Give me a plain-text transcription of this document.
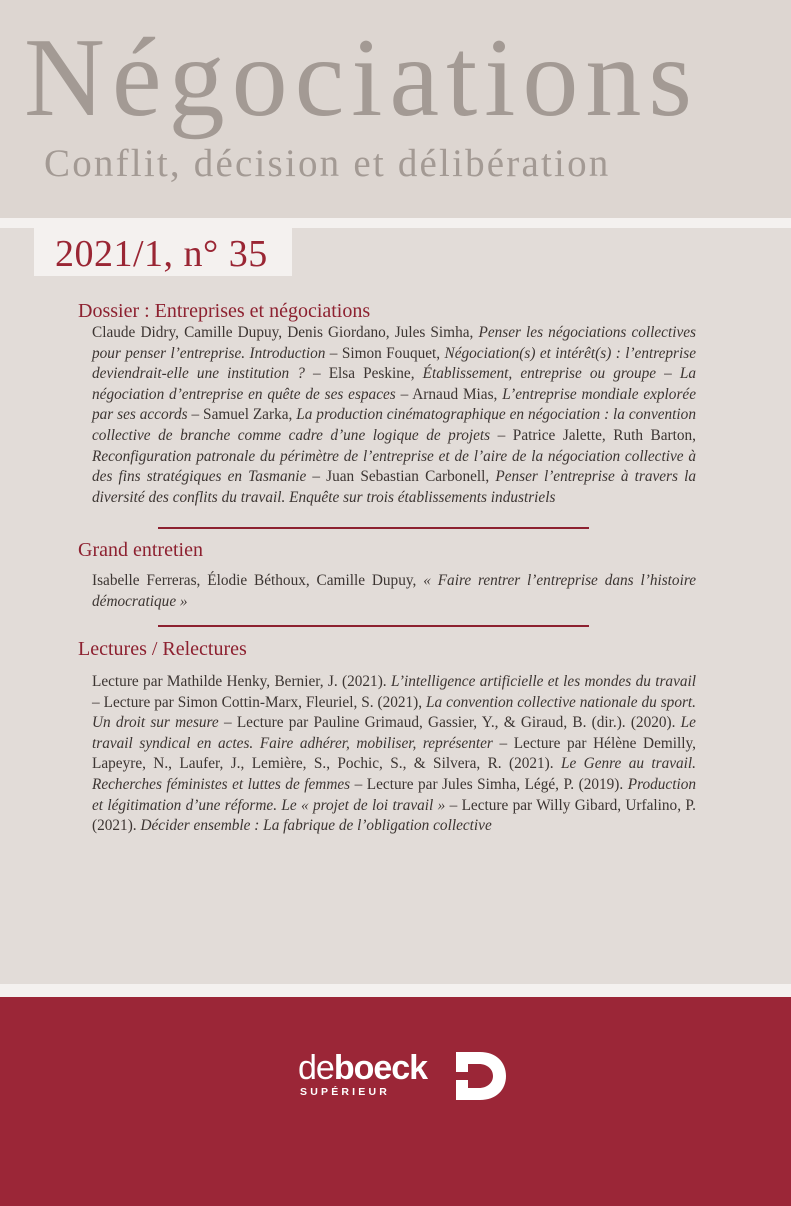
Négociations
Conflit, décision et délibération
2021/1, n° 35
Dossier : Entreprises et négociations

Claude Didry, Camille Dupuy, Denis Giordano, Jules Simha, Penser les négociations collectives pour penser l’entreprise. Introduction – Simon Fouquet, Négociation(s) et intérêt(s) : l’entreprise deviendrait-elle une institution ? – Elsa Peskine, Établissement, entreprise ou groupe – La négociation d’entreprise en quête de ses espaces – Arnaud Mias, L’entreprise mondiale explorée par ses accords – Samuel Zarka, La production cinématographique en négociation : la convention collective de branche comme cadre d’une logique de projets – Patrice Jalette, Ruth Barton, Reconfiguration patronale du périmètre de l’entreprise et de l’aire de la négociation collective à des fins stratégiques en Tasmanie – Juan Sebastian Carbonell, Penser l’entreprise à travers la diversité des conflits du travail. Enquête sur trois établissements industriels

Grand entretien

Isabelle Ferreras, Élodie Béthoux, Camille Dupuy, « Faire rentrer l’entreprise dans l’histoire démocratique »

Lectures / Relectures

Lecture par Mathilde Henky, Bernier, J. (2021). L’intelligence artificielle et les mondes du travail – Lecture par Simon Cottin-Marx, Fleuriel, S. (2021), La convention collective nationale du sport. Un droit sur mesure – Lecture par Pauline Grimaud, Gassier, Y., & Giraud, B. (dir.). (2020). Le travail syndical en actes. Faire adhérer, mobiliser, représenter – Lecture par Hélène Demilly, Lapeyre, N., Laufer, J., Lemière, S., Pochic, S., & Silvera, R. (2021). Le Genre au travail. Recherches féministes et luttes de femmes – Lecture par Jules Simha, Légé, P. (2019). Production et légitimation d’une réforme. Le « projet de loi travail » – Lecture par Willy Gibard, Urfalino, P. (2021). Décider ensemble : La fabrique de l’obligation collective

deboeck
SUPÉRIEUR
